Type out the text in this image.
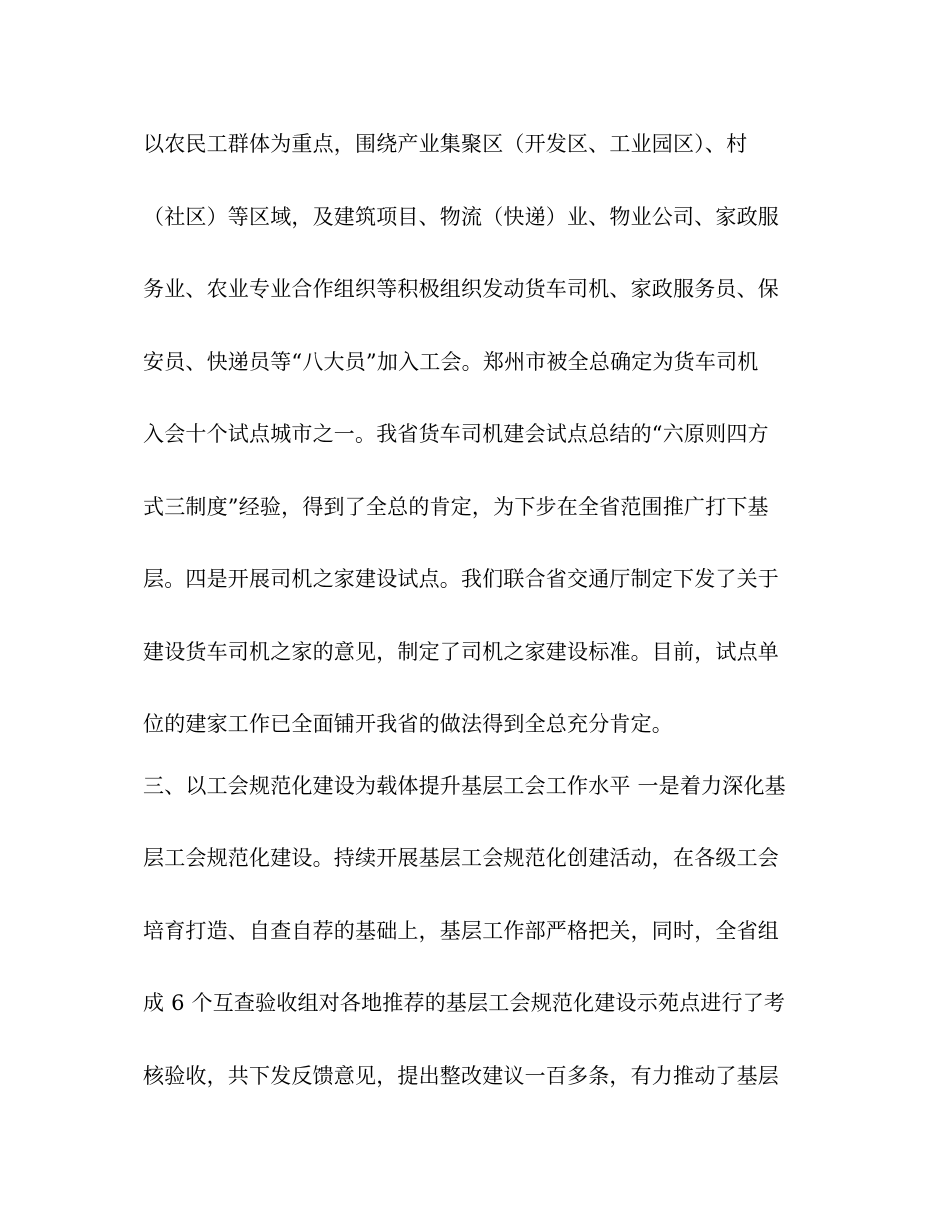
以农民工群体为重点，围绕产业集聚区（开发区、工业园区）、村
（社区）等区域，及建筑项目、物流（快递）业、物业公司、家政服
务业、农业专业合作组织等积极组织发动货车司机、家政服务员、保
安员、快递员等“八大员”加入工会。郑州市被全总确定为货车司机
入会十个试点城市之一。我省货车司机建会试点总结的“六原则四方
式三制度”经验，得到了全总的肯定，为下步在全省范围推广打下基
层。四是开展司机之家建设试点。我们联合省交通厅制定下发了关于
建设货车司机之家的意见，制定了司机之家建设标准。目前，试点单
位的建家工作已全面铺开我省的做法得到全总充分肯定。
三、以工会规范化建设为载体提升基层工会工作水平 一是着力深化基
层工会规范化建设。持续开展基层工会规范化创建活动，在各级工会
培育打造、自查自荐的基础上，基层工作部严格把关，同时，全省组
成 6 个互查验收组对各地推荐的基层工会规范化建设示苑点进行了考
核验收，共下发反馈意见，提出整改建议一百多条，有力推动了基层
